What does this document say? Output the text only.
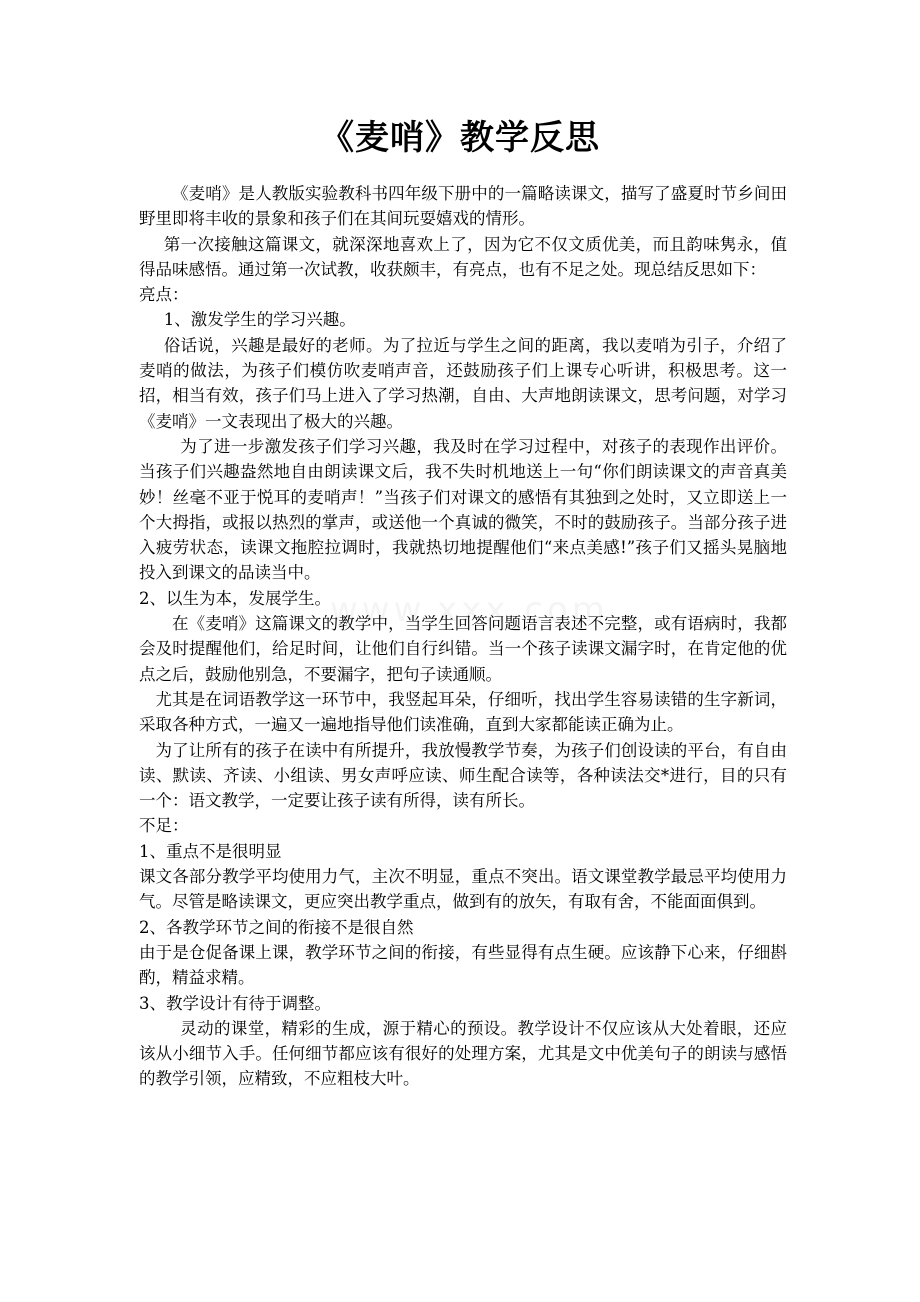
《麦哨》教学反思

《麦哨》是人教版实验教科书四年级下册中的一篇略读课文，描写了盛夏时节乡间田野里即将丰收的景象和孩子们在其间玩耍嬉戏的情形。

第一次接触这篇课文，就深深地喜欢上了，因为它不仅文质优美，而且韵味隽永，值得品味感悟。通过第一次试教，收获颇丰，有亮点，也有不足之处。现总结反思如下：

亮点：

1、激发学生的学习兴趣。

俗话说，兴趣是最好的老师。为了拉近与学生之间的距离，我以麦哨为引子，介绍了麦哨的做法，为孩子们模仿吹麦哨声音，还鼓励孩子们上课专心听讲，积极思考。这一招，相当有效，孩子们马上进入了学习热潮，自由、大声地朗读课文，思考问题，对学习《麦哨》一文表现出了极大的兴趣。

为了进一步激发孩子们学习兴趣，我及时在学习过程中，对孩子的表现作出评价。当孩子们兴趣盎然地自由朗读课文后，我不失时机地送上一句“你们朗读课文的声音真美妙！丝毫不亚于悦耳的麦哨声！”当孩子们对课文的感悟有其独到之处时，又立即送上一个大拇指，或报以热烈的掌声，或送他一个真诚的微笑，不时的鼓励孩子。当部分孩子进入疲劳状态，读课文拖腔拉调时，我就热切地提醒他们“来点美感!”孩子们又摇头晃脑地投入到课文的品读当中。

2、以生为本，发展学生。

在《麦哨》这篇课文的教学中，当学生回答问题语言表述不完整，或有语病时，我都会及时提醒他们，给足时间，让他们自行纠错。当一个孩子读课文漏字时，在肯定他的优点之后，鼓励他别急，不要漏字，把句子读通顺。

尤其是在词语教学这一环节中，我竖起耳朵，仔细听，找出学生容易读错的生字新词，采取各种方式，一遍又一遍地指导他们读准确，直到大家都能读正确为止。

为了让所有的孩子在读中有所提升，我放慢教学节奏，为孩子们创设读的平台，有自由读、默读、齐读、小组读、男女声呼应读、师生配合读等，各种读法交*进行，目的只有一个：语文教学，一定要让孩子读有所得，读有所长。

不足：

1、重点不是很明显

课文各部分教学平均使用力气，主次不明显，重点不突出。语文课堂教学最忌平均使用力气。尽管是略读课文，更应突出教学重点，做到有的放矢，有取有舍，不能面面俱到。

2、各教学环节之间的衔接不是很自然

由于是仓促备课上课，教学环节之间的衔接，有些显得有点生硬。应该静下心来，仔细斟酌，精益求精。

3、教学设计有待于调整。

灵动的课堂，精彩的生成，源于精心的预设。教学设计不仅应该从大处着眼，还应该从小细节入手。任何细节都应该有很好的处理方案，尤其是文中优美句子的朗读与感悟的教学引领，应精致，不应粗枝大叶。
